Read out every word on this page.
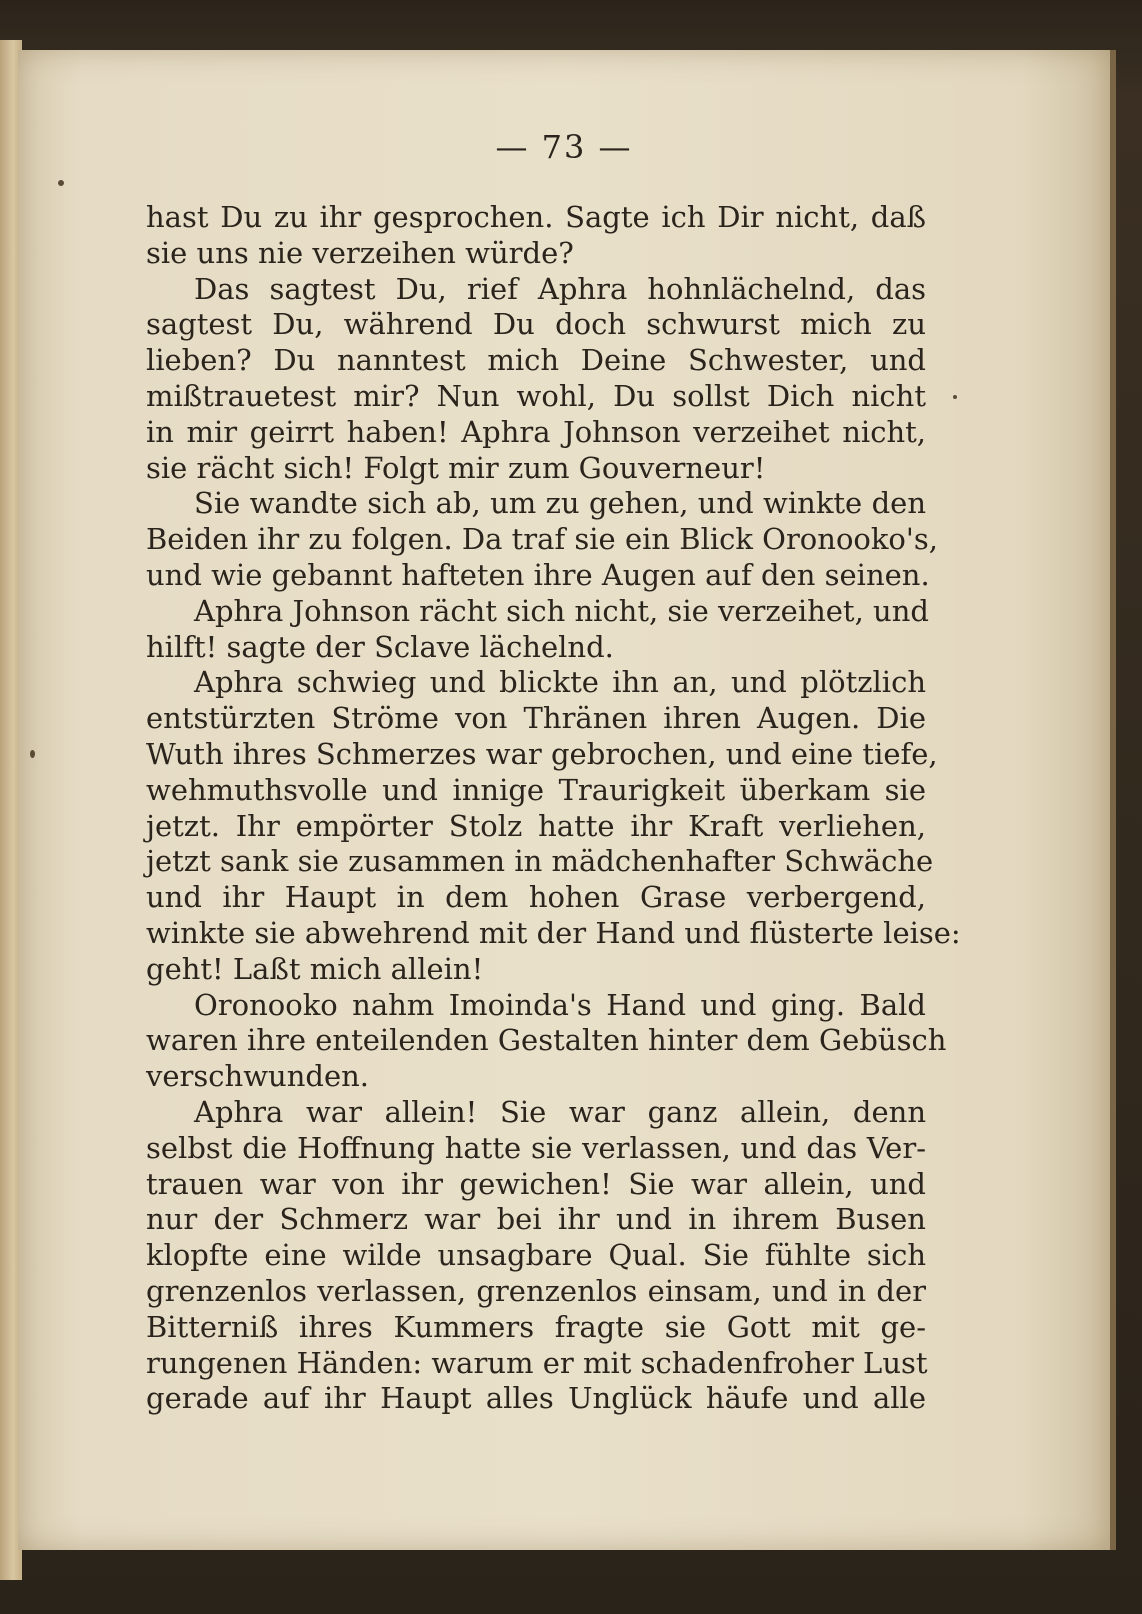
— 73 —
hast Du zu ihr gesprochen. Sagte ich Dir nicht, daß
sie uns nie verzeihen würde?
Das sagtest Du, rief Aphra hohnlächelnd, das
sagtest Du, während Du doch schwurst mich zu
lieben? Du nanntest mich Deine Schwester, und
mißtrauetest mir? Nun wohl, Du sollst Dich nicht
in mir geirrt haben! Aphra Johnson verzeihet nicht,
sie rächt sich! Folgt mir zum Gouverneur!
Sie wandte sich ab, um zu gehen, und winkte den
Beiden ihr zu folgen. Da traf sie ein Blick Oronooko's,
und wie gebannt hafteten ihre Augen auf den seinen.
Aphra Johnson rächt sich nicht, sie verzeihet, und
hilft! sagte der Sclave lächelnd.
Aphra schwieg und blickte ihn an, und plötzlich
entstürzten Ströme von Thränen ihren Augen. Die
Wuth ihres Schmerzes war gebrochen, und eine tiefe,
wehmuthsvolle und innige Traurigkeit überkam sie
jetzt. Ihr empörter Stolz hatte ihr Kraft verliehen,
jetzt sank sie zusammen in mädchenhafter Schwäche
und ihr Haupt in dem hohen Grase verbergend,
winkte sie abwehrend mit der Hand und flüsterte leise:
geht! Laßt mich allein!
Oronooko nahm Imoinda's Hand und ging. Bald
waren ihre enteilenden Gestalten hinter dem Gebüsch
verschwunden.
Aphra war allein! Sie war ganz allein, denn
selbst die Hoffnung hatte sie verlassen, und das Ver-
trauen war von ihr gewichen! Sie war allein, und
nur der Schmerz war bei ihr und in ihrem Busen
klopfte eine wilde unsagbare Qual. Sie fühlte sich
grenzenlos verlassen, grenzenlos einsam, und in der
Bitterniß ihres Kummers fragte sie Gott mit ge-
rungenen Händen: warum er mit schadenfroher Lust
gerade auf ihr Haupt alles Unglück häufe und alle
